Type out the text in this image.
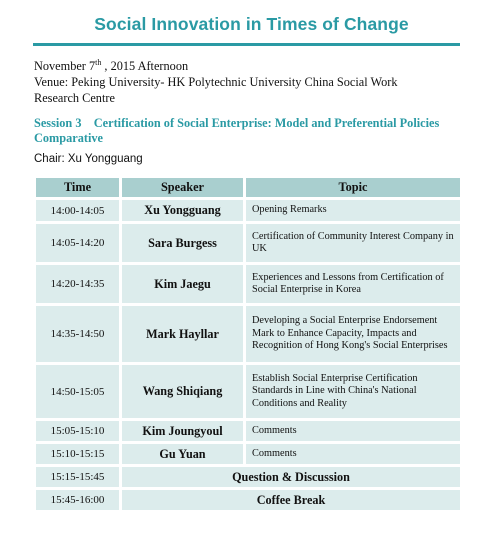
Social Innovation in Times of Change
November 7th , 2015 Afternoon
Venue: Peking University- HK Polytechnic University China Social Work
Research Centre
Session 3    Certification of Social Enterprise: Model and Preferential Policies
Comparative
Chair: Xu Yongguang
Time	Speaker	Topic
14:00-14:05	Xu Yongguang	Opening Remarks
14:05-14:20	Sara Burgess	Certification of Community Interest Company in UK
14:20-14:35	Kim Jaegu	Experiences and Lessons from Certification of Social Enterprise in Korea
14:35-14:50	Mark Hayllar	Developing a Social Enterprise Endorsement Mark to Enhance Capacity, Impacts and Recognition of Hong Kong's Social Enterprises
14:50-15:05	Wang Shiqiang	Establish Social Enterprise Certification Standards in Line with China's National Conditions and Reality
15:05-15:10	Kim Joungyoul	Comments
15:10-15:15	Gu Yuan	Comments
15:15-15:45	Question & Discussion	
15:45-16:00	Coffee Break	
